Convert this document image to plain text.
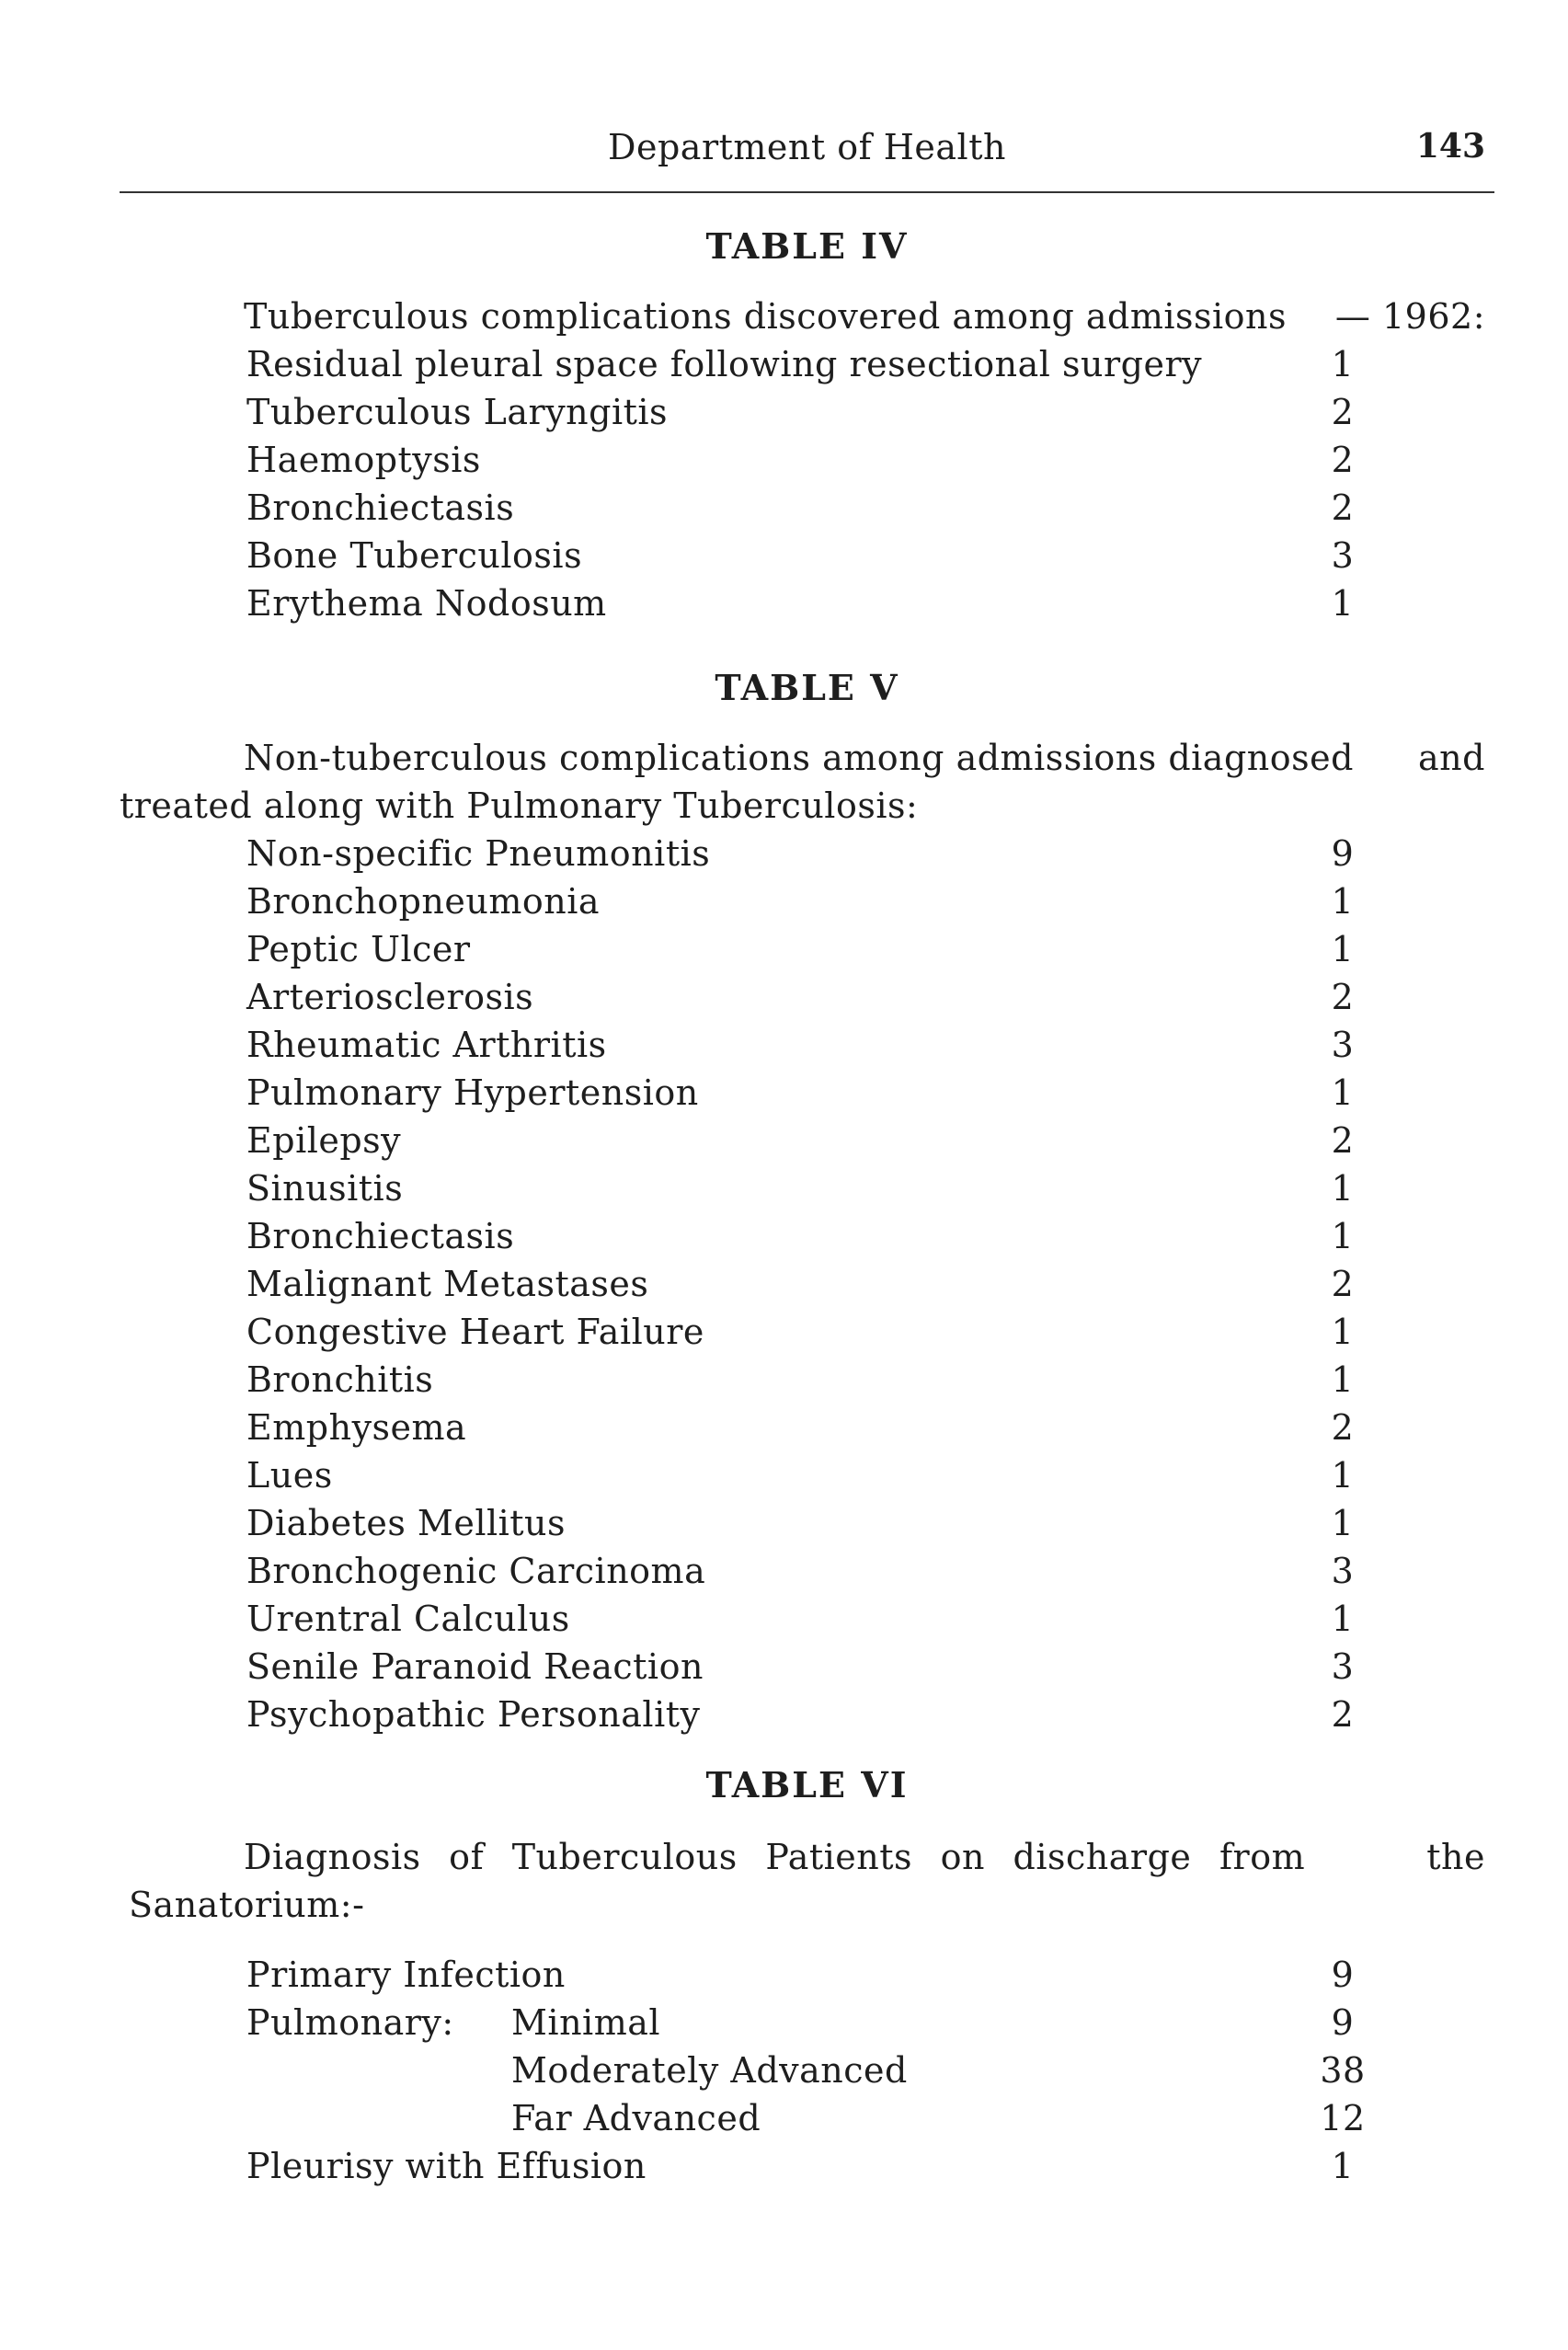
Department of Health	143
TABLE IV
Tuberculous complications discovered among admissions — 1962:
Residual pleural space following resectional surgery	1
Tuberculous Laryngitis	2
Haemoptysis	2
Bronchiectasis	2
Bone Tuberculosis	3
Erythema Nodosum	1
TABLE V
Non-tuberculous complications among admissions diagnosed and
treated along with Pulmonary Tuberculosis:
Non-specific Pneumonitis	9
Bronchopneumonia	1
Peptic Ulcer	1
Arteriosclerosis	2
Rheumatic Arthritis	3
Pulmonary Hypertension	1
Epilepsy	2
Sinusitis	1
Bronchiectasis	1
Malignant Metastases	2
Congestive Heart Failure	1
Bronchitis	1
Emphysema	2
Lues	1
Diabetes Mellitus	1
Bronchogenic Carcinoma	3
Urentral Calculus	1
Senile Paranoid Reaction	3
Psychopathic Personality	2
TABLE VI
Diagnosis of Tuberculous Patients on discharge from	the
Sanatorium:-
Primary Infection	9
Pulmonary: Minimal	9
Moderately Advanced	38
Far Advanced	12
Pleurisy with Effusion	1
